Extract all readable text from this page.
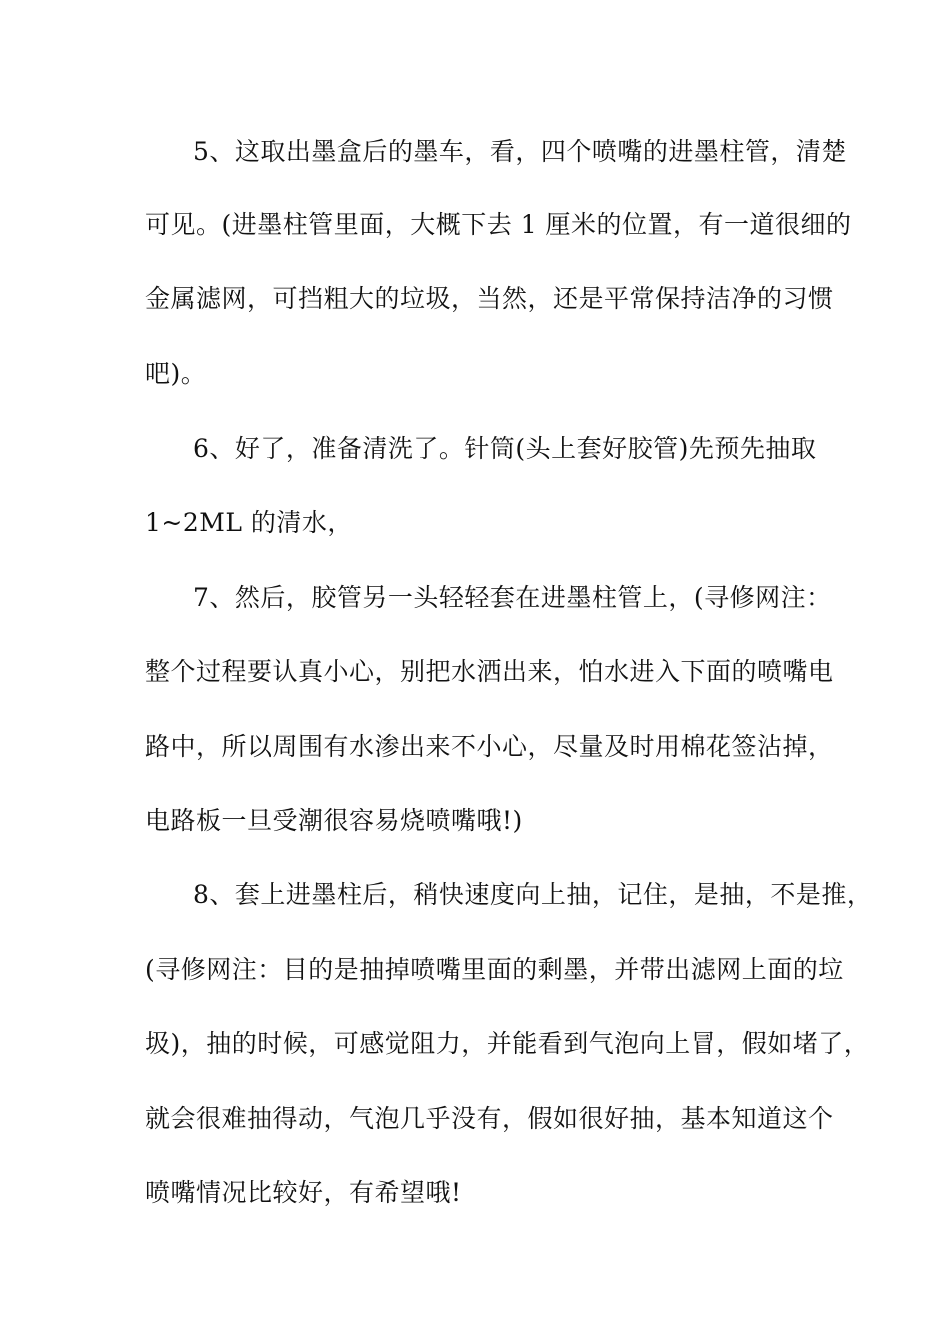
5、这取出墨盒后的墨车，看，四个喷嘴的进墨柱管，清楚
可见。(进墨柱管里面，大概下去 1 厘米的位置，有一道很细的
金属滤网，可挡粗大的垃圾，当然，还是平常保持洁净的习惯
吧)。
6、好了，准备清洗了。针筒(头上套好胶管)先预先抽取
1~2ML 的清水，
7、然后，胶管另一头轻轻套在进墨柱管上，(寻修网注：
整个过程要认真小心，别把水洒出来，怕水进入下面的喷嘴电
路中，所以周围有水渗出来不小心，尽量及时用棉花签沾掉，
电路板一旦受潮很容易烧喷嘴哦!)
8、套上进墨柱后，稍快速度向上抽，记住，是抽，不是推，
(寻修网注：目的是抽掉喷嘴里面的剩墨，并带出滤网上面的垃
圾)，抽的时候，可感觉阻力，并能看到气泡向上冒，假如堵了，
就会很难抽得动，气泡几乎没有，假如很好抽，基本知道这个
喷嘴情况比较好，有希望哦!
